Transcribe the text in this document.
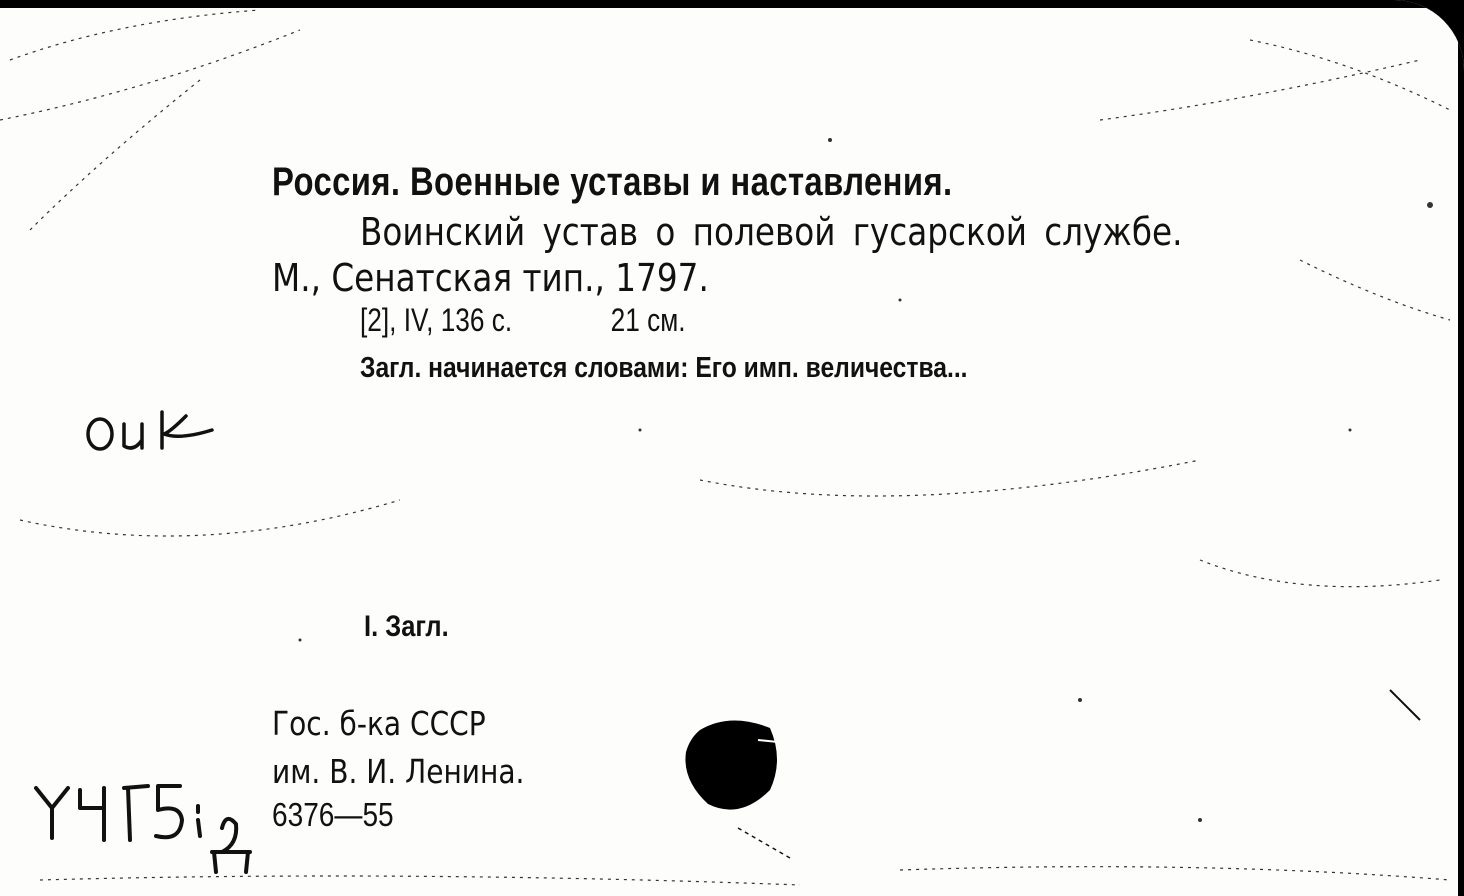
Россия. Военные уставы и наставления.
Воинский устав о полевой гусарской службе.
М., Сенатская тип., 1797.
[2], IV, 136 с.	21 см.
Загл. начинается словами: Его имп. величества...
I. Загл.
Гос. б-ка СССР
им. В. И. Ленина.
6376—55
